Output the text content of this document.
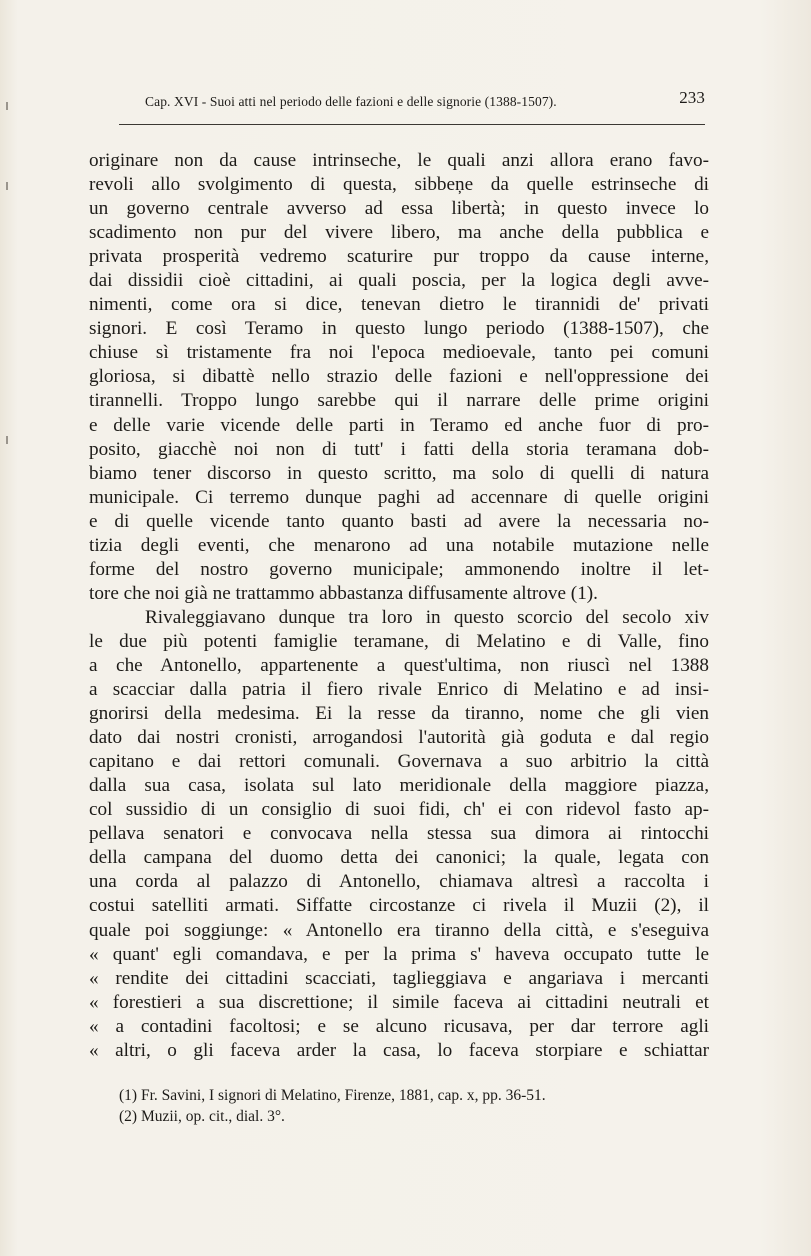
Cap. XVI - Suoi atti nel periodo delle fazioni e delle signorie (1388-1507).	233
originare non da cause intrinseche, le quali anzi allora erano favo-
revoli allo svolgimento di questa, sibbeņe da quelle estrinseche di
un governo centrale avverso ad essa libertà; in questo invece lo
scadimento non pur del vivere libero, ma anche della pubblica e
privata prosperità vedremo scaturire pur troppo da cause interne,
dai dissidii cioè cittadini, ai quali poscia, per la logica degli avve-
nimenti, come ora si dice, tenevan dietro le tirannidi de' privati
signori. E così Teramo in questo lungo periodo (1388-1507), che
chiuse sì tristamente fra noi l'epoca medioevale, tanto pei comuni
gloriosa, si dibattè nello strazio delle fazioni e nell'oppressione dei
tirannelli. Troppo lungo sarebbe qui il narrare delle prime origini
e delle varie vicende delle parti in Teramo ed anche fuor di pro-
posito, giacchè noi non di tutt' i fatti della storia teramana dob-
biamo tener discorso in questo scritto, ma solo di quelli di natura
municipale. Ci terremo dunque paghi ad accennare di quelle origini
e di quelle vicende tanto quanto basti ad avere la necessaria no-
tizia degli eventi, che menarono ad una notabile mutazione nelle
forme del nostro governo municipale; ammonendo inoltre il let-
tore che noi già ne trattammo abbastanza diffusamente altrove (1).
Rivaleggiavano dunque tra loro in questo scorcio del secolo xiv
le due più potenti famiglie teramane, di Melatino e di Valle, fino
a che Antonello, appartenente a quest'ultima, non riuscì nel 1388
a scacciar dalla patria il fiero rivale Enrico di Melatino e ad insi-
gnorirsi della medesima. Ei la resse da tiranno, nome che gli vien
dato dai nostri cronisti, arrogandosi l'autorità già goduta e dal regio
capitano e dai rettori comunali. Governava a suo arbitrio la città
dalla sua casa, isolata sul lato meridionale della maggiore piazza,
col sussidio di un consiglio di suoi fidi, ch' ei con ridevol fasto ap-
pellava senatori e convocava nella stessa sua dimora ai rintocchi
della campana del duomo detta dei canonici; la quale, legata con
una corda al palazzo di Antonello, chiamava altresì a raccolta i
costui satelliti armati. Siffatte circostanze ci rivela il Muzii (2), il
quale poi soggiunge: « Antonello era tiranno della città, e s'eseguiva
« quant' egli comandava, e per la prima s' haveva occupato tutte le
« rendite dei cittadini scacciati, taglieggiava e angariava i mercanti
« forestieri a sua discrettione; il simile faceva ai cittadini neutrali et
« a contadini facoltosi; e se alcuno ricusava, per dar terrore agli
« altri, o gli faceva arder la casa, lo faceva storpiare e schiattar
(1) Fr. Savini, I signori di Melatino, Firenze, 1881, cap. x, pp. 36-51.
(2) Muzii, op. cit., dial. 3°.
